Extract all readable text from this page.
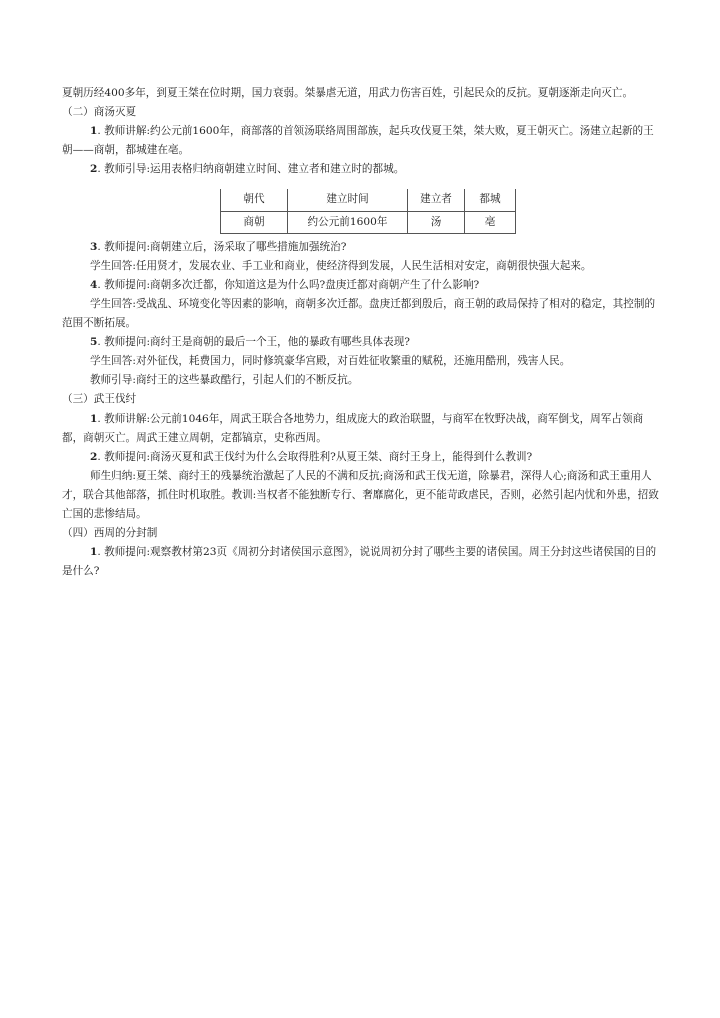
夏朝历经400多年，到夏王桀在位时期，国力衰弱。桀暴虐无道，用武力伤害百姓，引起民众的反抗。夏朝逐渐走向灭亡。

（二）商汤灭夏

1. 教师讲解:约公元前1600年，商部落的首领汤联络周围部族，起兵攻伐夏王桀，桀大败，夏王朝灭亡。汤建立起新的王朝——商朝，都城建在亳。

2. 教师引导:运用表格归纳商朝建立时间、建立者和建立时的都城。

朝代	建立时间	建立者	都城
商朝	约公元前1600年	汤	亳

3. 教师提问:商朝建立后，汤采取了哪些措施加强统治?

学生回答:任用贤才，发展农业、手工业和商业，使经济得到发展，人民生活相对安定，商朝很快强大起来。

4. 教师提问:商朝多次迁都，你知道这是为什么吗?盘庚迁都对商朝产生了什么影响?

学生回答:受战乱、环境变化等因素的影响，商朝多次迁都。盘庚迁都到殷后，商王朝的政局保持了相对的稳定，其控制的范围不断拓展。

5. 教师提问:商纣王是商朝的最后一个王，他的暴政有哪些具体表现?

学生回答:对外征伐，耗费国力，同时修筑豪华宫殿，对百姓征收繁重的赋税，还施用酷刑，残害人民。

教师引导:商纣王的这些暴政酷行，引起人们的不断反抗。

（三）武王伐纣

1. 教师讲解:公元前1046年，周武王联合各地势力，组成庞大的政治联盟，与商军在牧野决战，商军倒戈，周军占领商都，商朝灭亡。周武王建立周朝，定都镐京，史称西周。

2. 教师提问:商汤灭夏和武王伐纣为什么会取得胜利?从夏王桀、商纣王身上，能得到什么教训?

师生归纳:夏王桀、商纣王的残暴统治激起了人民的不满和反抗;商汤和武王伐无道，除暴君，深得人心;商汤和武王重用人才，联合其他部落，抓住时机取胜。教训:当权者不能独断专行、奢靡腐化，更不能苛政虐民，否则，必然引起内忧和外患，招致亡国的悲惨结局。

（四）西周的分封制

1. 教师提问:观察教材第23页《周初分封诸侯国示意图》，说说周初分封了哪些主要的诸侯国。周王分封这些诸侯国的目的是什么?
